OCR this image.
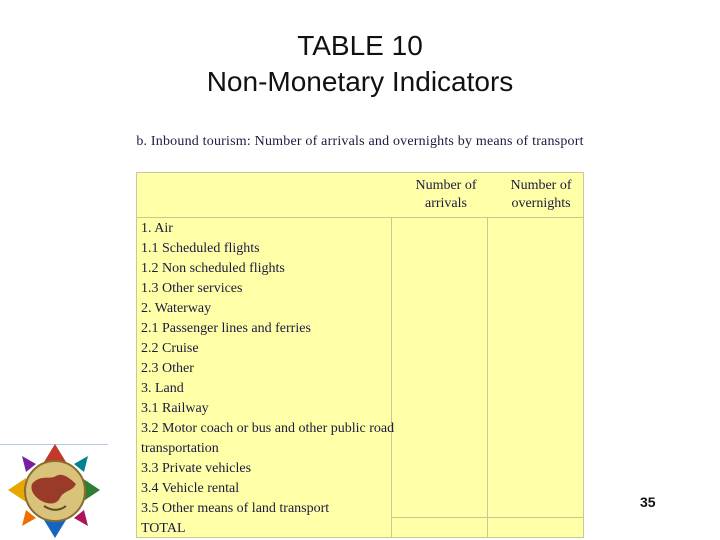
TABLE 10
Non-Monetary Indicators
b. Inbound tourism: Number of arrivals and overnights by means of transport
Number of
arrivals
Number of
overnights
1. Air
1.1 Scheduled flights
1.2 Non scheduled flights
1.3 Other services
2. Waterway
2.1 Passenger lines and ferries
2.2 Cruise
2.3 Other
3. Land
3.1 Railway
3.2 Motor coach or bus and other public road transportation
3.3 Private vehicles
3.4 Vehicle rental
3.5 Other means of land transport
TOTAL
35
